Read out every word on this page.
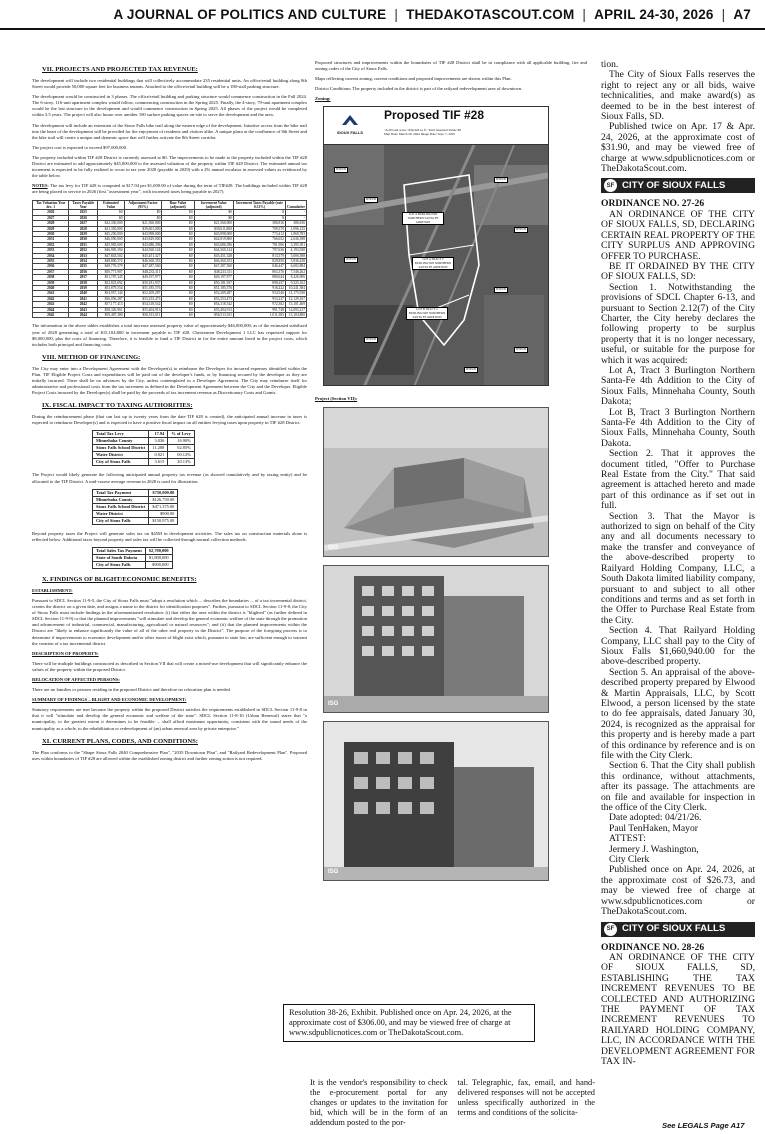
A JOURNAL OF POLITICS AND CULTURE | THEDAKOTASCOUT.COM | APRIL 24-30, 2026 | A7
VII. PROJECTS AND PROJECTED TAX REVENUE:

The development will include two residential buildings that will collectively accommodate 235 residential units. An office/retail building along 8th Street would provide 50,000 square feet for business tenants. Attached to the office/retail building will be a 180-stall parking structure.

The development would be constructed in 3 phases. The office/retail building and parking structure would commence construction in the Fall 2024. The 6-story, 116-unit apartment complex would follow, commencing construction in the Spring 2025. Finally, the 4-story, 79-unit apartment complex would be the last structure in the development and would commence construction in Spring 2025. All phases of the project would be completed within 3.5 years. The project will also house over another 100 surface parking spaces on-site to serve the development and the area.

The development will include an extension of the Sioux Falls bike trail along the eastern edge of the development. Intuitive access from the bike trail into the heart of the development will be provided for the enjoyment of residents and visitors alike. A unique plaza at the confluence of 8th Street and the bike trail will create a unique and dynamic space that will further activate the 8th Street corridor.

The project cost is expected to exceed $97,000,000.

The property included within TIF #28 District is currently assessed at $0. The improvements to be made to the property included within the TIF #28 District are estimated to add approximately $45,000,000 to the assessed valuation of the property within TIF #28 District. The estimated annual tax increment is expected to be fully realized to occur in tax year 2028 (payable in 2029) with a 2% annual escalator in assessed values as evidenced by the table below.

NOTES: The tax levy for TIF #28 is computed at $17.94 per $1,000.00 of value during the term of TIF#28. The buildings included within TIF #28 are being placed in service in 2026 (first "assessment year", with increased taxes being payable in 2027).

Tax Valuation Year dec. 1	Taxes Payable Year	Estimated Value	Adjustment Factor (95%)	Base Value (adjusted)	Increment Value (adjusted)	Increment Taxes Payable (rate 0.31%)	Cumulative
2026	2025	$0	$0	$0	$0	$	-
2027	2026	$0	$0	$0	$0	$	-
2028	2027	$22,350,000	$21,560,000	$0	$21,560,000	386,816	386,816
2029	2028	$41,350,000	$39,601,000	$0	$39,611,800	709,379	1,096,125
2030	2029	$45,250,000	$43,998,000	$0	$43,998,000	773,412	1,869,783
2031	2030	$46,050,000	$43,829,000	$0	$42,819,800	766,652	2,636,398
2032	2031	$45,985,600	$43,686,396	$0	$43,686,396	781,906	3,395,391
2033	2032	$46,905,394	$44,560,124	$0	$44,560,124	797,636	4,193,030
2034	2033	$47,843,502	$45,451,327	$0	$45,451,328	813,579	5,006,588
2035	2034	$48,800,372	$46,360,353	$0	$46,360,353	829,850	5,836,438
2036	2035	$49,776,379	$47,287,560	$0	$47,287,560	846,447	6,682,884
2037	2036	$50,771,907	$48,233,311	$0	$48,233,311	863,376	7,546,262
2038	2037	$51,787,345	$49,197,977	$0	$49,197,977	880,644	8,426,906
2039	2038	$52,823,092	$50,181,937	$0	$50,181,937	898,257	9,325,162
2040	2039	$53,879,554	$51,185,576	$0	$51,185,576	916,222	10,241,384
2041	2040	$54,957,144	$52,209,287	$0	$52,209,287	934,546	11,175,930
2042	2041	$56,056,287	$53,253,473	$0	$53,253,473	953,237	12,129,167
2043	2042	$57,177,413	$54,318,542	$0	$54,318,542	972,302	13,101,469
2044	2043	$58,320,961	$55,404,913	$0	$55,404,913	991,748	14,093,217
2045	2044	$59,487,380	$56,513,011	$0	$56,513,011	1,011,583	15,104,800

The information in the above tables establishes a total increase assessed property value of approximately $46,000,000, as of the estimated stabilized year of 2028 generating a total of $15,104,800 in increment payable to TIF #28. Christensen Development 1 LLC has requested support for $8,000,000, plus the costs of financing. Therefore, it is feasible to fund a TIF District in for the entire amount listed in the project costs, which includes both principal and financing costs.

VIII. METHOD OF FINANCING:

The City may enter into a Development Agreement with the Developer(s) to reimburse the Developer for incurred expenses identified within the Plan. TIF Eligible Project Costs and expenditures will be paid out of the developer's funds, or by financing secured by the developer as they are initially incurred. There shall be no advances by the City, unless contemplated in a Developer Agreement. The City may reimburse itself for administrative and professional costs from the tax increment as defined in the Development Agreement between the City and the Developer. Eligible Project Costs incurred by the Developer(s) shall be paid by the proceeds of tax increment revenue as Discretionary Costs and Grants.

IX. FISCAL IMPACT TO TAXING AUTHORITIES:

During the reimbursement phase (that can last up to twenty years from the date TIF #28 is created), the anticipated annual increase in taxes is expected to reimburse Developer(s) and is expected to have a positive fiscal impact on all entities levying taxes upon property in TIF #28 District.

Total Tax Levy	17.94	% of Levy
Minnehaha County	3.036	16.90%
Sioux Falls School District	11.288	62.85%
Water District	0.021	00.12%
City of Sioux Falls	3.615	20.13%

The Project would likely generate the following anticipated annual property tax revenue (as showed cumulatively and by taxing entity) and be allocated to the TIF District. A mid-course average revenue in 2028 is used for illustration.

Total Tax Payment	$750,000.00
Minnehaha County	$126,750.00
Sioux Falls School District	$471,375.00
Water District	$900.00
City of Sioux Falls	$150,975.00

Beyond property taxes the Project will generate sales tax on $45M in development activities. The sales tax on construction materials alone is reflected below. Additional taxes beyond property and sales tax will be collected through normal collection methods.

Total Sales Tax Payment	$2,700,000
State of South Dakota	$1,800,000
City of Sioux Falls	$900,000
X. FINDINGS OF BLIGHT/ECONOMIC BENEFITS:

ESTABLISHMENT:

Pursuant to SDCL Section 11-9-5, the City of Sioux Falls must "adopt a resolution which ... describes the boundaries ... of a tax incremental district, creates the district on a given date, and assigns a name to the district for identification purposes". Further, pursuant to SDCL Section 11-9-8, the City of Sioux Falls must include findings in the aforementioned resolution: (i) that either the area within the district is "blighted" (as further defined in SDCL Section 11-9-9) or that the planned improvements "will stimulate and develop the general economic welfare of the state through the promotion and advancement of industrial, commercial, manufacturing, agricultural or natural resources"; and (ii) that the planned improvements within the District are "likely to enhance significantly the value of all of the other real property in the District". The purpose of the foregoing process is to determine if improvements to economic development and/or other issues of blight exist which, pursuant to state law, are sufficient enough to warrant the creation of a tax incremental district.

DESCRIPTION OF PROPERTY:

There will be multiple buildings constructed as described in Section VII that will create a mixed-use development that will significantly enhance the values of the property within the proposed District.

RELOCATION OF AFFECTED PERSONS:

There are no families or persons residing in the proposed District and therefore no relocation plan is needed.

SUMMARY OF FINDINGS – BLIGHT AND ECONOMIC DEVELOPMENT:

Statutory requirements are met because the property within the proposed District satisfies the requirements established in SDCL Section 11-9-8 in that it will "stimulate and develop the general economic and welfare of the state". SDCL Section 11-8-10 (Urban Renewal) states that "a municipality, to the greatest extent it determines to be feasible ... shall afford maximum opportunity, consistent with the sound needs of the municipality as a whole, to the rehabilitation or redevelopment of (an) urban renewal area by private enterprise."

XI. CURRENT PLANS, CODES, AND CONDITIONS:

The Plan conforms to the "Shape Sioux Falls 2040 Comprehensive Plan", "2035 Downtown Plan", and "Railyard Redevelopment Plan". Proposed uses within boundaries of TIF #28 are allowed within the established zoning district and further zoning action is not required.

Proposed structures and improvements within the boundaries of TIF #28 District shall be in compliance with all applicable building, fire and zoning codes of the City of Sioux Falls.

Maps reflecting current zoning, current conditions and proposed improvements are shown within this Plan.

District Conditions: The property included in the district is part of the railyard redevelopment area of downtown.

Zoning:
SIOUX FALLS
Proposed TIF #28
~6.29 total acres / $30,424 sq ft / Total Assessed Value: $0
Map Date: March 29, 2024 Image Date: Sept. 7, 2025
LOT A BURLINGTON NORTHERN SANTA FE ADDITION
LOT A TRACT 2 BURLINGTON NORTHERN SANTA FE ADDITION
LOT B TRACT 2 BURLINGTON NORTHERN SANTA FE ADDITION
DTPUD
DTPUD
DTPUD
DTPUD
DTPUD
DTPUD
DTPUD
DTPUD
DTPUD
Project (Section VII):
ISG
ISG
ISG
Resolution 38-26, Exhibit. Published once on Apr. 24, 2026, at the approximate cost of $306.00, and may be viewed free of charge at www.sdpublicnotices.com or TheDakotaScout.com.
It is the vendor's responsibility to check the e-procurement portal for any changes or updates to the invitation for bid, which will be in the form of an addendum posted to the por-
tal. Telegraphic, fax, email, and hand-delivered responses will not be accepted unless specifically authorized in the terms and conditions of the solicita-

tion.

The City of Sioux Falls reserves the right to reject any or all bids, waive technicalities, and make award(s) as deemed to be in the best interest of Sioux Falls, SD.

Published twice on Apr. 17 & Apr. 24, 2026, at the approximate cost of $31.90, and may be viewed free of charge at www.sdpublicnotices.com or TheDakotaScout.com.

SF CITY OF SIOUX FALLS

ORDINANCE NO. 27-26

AN ORDINANCE OF THE CITY OF SIOUX FALLS, SD, DECLARING CERTAIN REAL PROPERTY OF THE CITY SURPLUS AND APPROVING OFFER TO PURCHASE.

BE IT ORDAINED BY THE CITY OF SIOUX FALLS, SD:

Section 1. Notwithstanding the provisions of SDCL Chapter 6-13, and pursuant to Section 2.12(7) of the City Charter, the City hereby declares the following property to be surplus property that it is no longer necessary, useful, or suitable for the purpose for which it was acquired:

Lot A, Tract 3 Burlington Northern Santa-Fe 4th Addition to the City of Sioux Falls, Minnehaha County, South Dakota;

Lot B, Tract 3 Burlington Northern Santa-Fe 4th Addition to the City of Sioux Falls, Minnehaha County, South Dakota.

Section 2. That it approves the document titled, "Offer to Purchase Real Estate from the City." That said agreement is attached hereto and made part of this ordinance as if set out in full.

Section 3. That the Mayor is authorized to sign on behalf of the City any and all documents necessary to make the transfer and conveyance of the above-described property to Railyard Holding Company, LLC, a South Dakota limited liability company, pursuant to and subject to all other conditions and terms and as set forth in the Offer to Purchase Real Estate from the City.

Section 4. That Railyard Holding Company, LLC shall pay to the City of Sioux Falls $1,660,940.00 for the above-described property.

Section 5. An appraisal of the above-described property prepared by Elwood & Martin Appraisals, LLC, by Scott Elwood, a person licensed by the state to do fee appraisals, dated January 30, 2024, is recognized as the appraisal for this property and is hereby made a part of this ordinance by reference and is on file with the City Clerk.

Section 6. That the City shall publish this ordinance, without attachments, after its passage. The attachments are on file and available for inspection in the office of the City Clerk.

Date adopted: 04/21/26.

Paul TenHaken, Mayor

ATTEST:

Jermery J. Washington,

City Clerk

Published once on Apr. 24, 2026, at the approximate cost of $26.73, and may be viewed free of charge at www.sdpublicnotices.com or TheDakotaScout.com.

SF CITY OF SIOUX FALLS

ORDINANCE NO. 28-26

AN ORDINANCE OF THE CITY OF SIOUX FALLS, SD, ESTABLISHING THE TAX INCREMENT REVENUES TO BE COLLECTED AND AUTHORIZING THE PAYMENT OF TAX INCREMENT REVENUES TO RAILYARD HOLDING COMPANY, LLC, IN ACCORDANCE WITH THE DEVELOPMENT AGREEMENT FOR TAX IN-

See LEGALS Page A17
